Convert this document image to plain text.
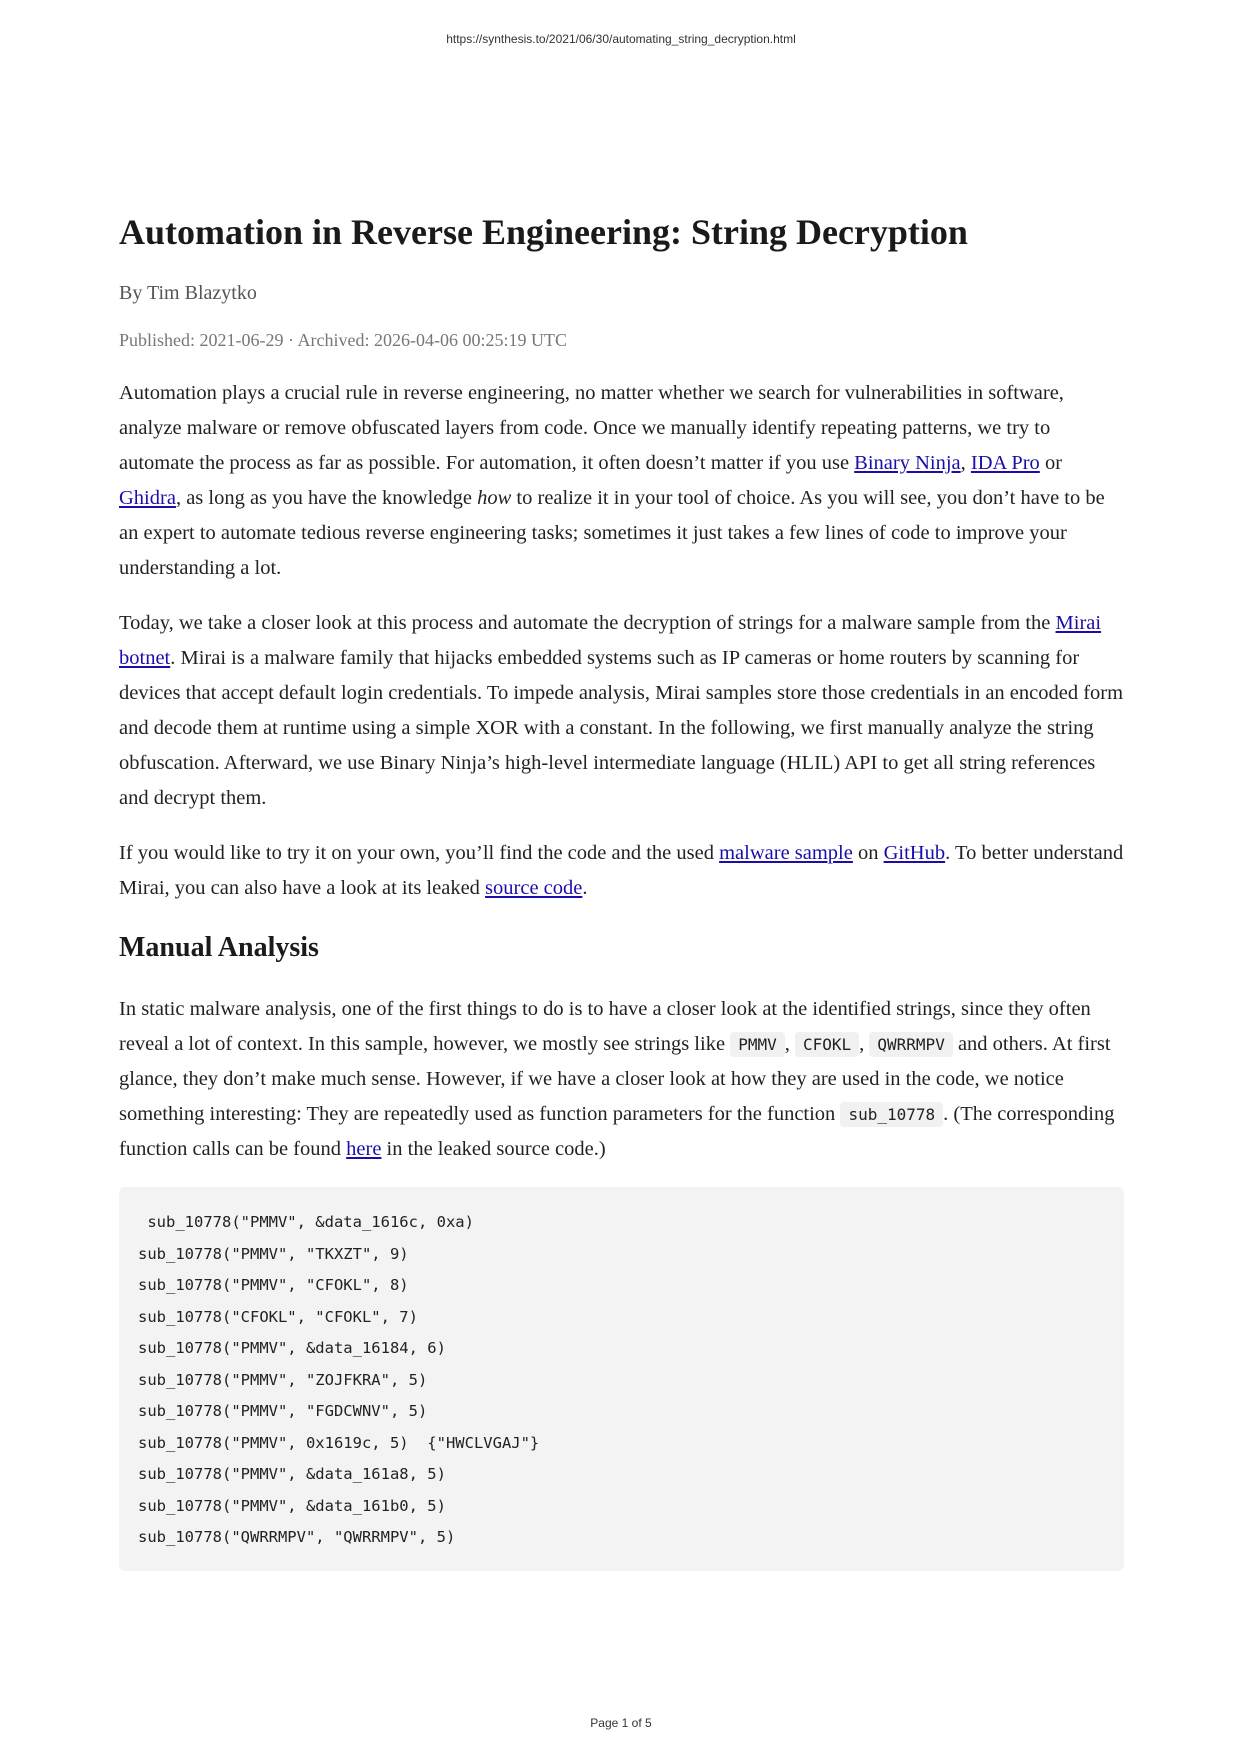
https://synthesis.to/2021/06/30/automating_string_decryption.html
Automation in Reverse Engineering: String Decryption
By Tim Blazytko
Published: 2021-06-29 · Archived: 2026-04-06 00:25:19 UTC

Automation plays a crucial rule in reverse engineering, no matter whether we search for vulnerabilities in software, analyze malware or remove obfuscated layers from code. Once we manually identify repeating patterns, we try to automate the process as far as possible. For automation, it often doesn’t matter if you use Binary Ninja, IDA Pro or Ghidra, as long as you have the knowledge how to realize it in your tool of choice. As you will see, you don’t have to be an expert to automate tedious reverse engineering tasks; sometimes it just takes a few lines of code to improve your understanding a lot.

Today, we take a closer look at this process and automate the decryption of strings for a malware sample from the Mirai botnet. Mirai is a malware family that hijacks embedded systems such as IP cameras or home routers by scanning for devices that accept default login credentials. To impede analysis, Mirai samples store those credentials in an encoded form and decode them at runtime using a simple XOR with a constant. In the following, we first manually analyze the string obfuscation. Afterward, we use Binary Ninja’s high-level intermediate language (HLIL) API to get all string references and decrypt them.

If you would like to try it on your own, you’ll find the code and the used malware sample on GitHub. To better understand Mirai, you can also have a look at its leaked source code.

Manual Analysis

In static malware analysis, one of the first things to do is to have a closer look at the identified strings, since they often reveal a lot of context. In this sample, however, we mostly see strings like PMMV , CFOKL , QWRRMPV and others. At first glance, they don’t make much sense. However, if we have a closer look at how they are used in the code, we notice something interesting: They are repeatedly used as function parameters for the function sub_10778 . (The corresponding function calls can be found here in the leaked source code.)

sub_10778("PMMV", &data_1616c, 0xa)
sub_10778("PMMV", "TKXZT", 9)
sub_10778("PMMV", "CFOKL", 8)
sub_10778("CFOKL", "CFOKL", 7)
sub_10778("PMMV", &data_16184, 6)
sub_10778("PMMV", "ZOJFKRA", 5)
sub_10778("PMMV", "FGDCWNV", 5)
sub_10778("PMMV", 0x1619c, 5)  {"HWCLVGAJ"}
sub_10778("PMMV", &data_161a8, 5)
sub_10778("PMMV", &data_161b0, 5)
sub_10778("QWRRMPV", "QWRRMPV", 5)
Page 1 of 5
